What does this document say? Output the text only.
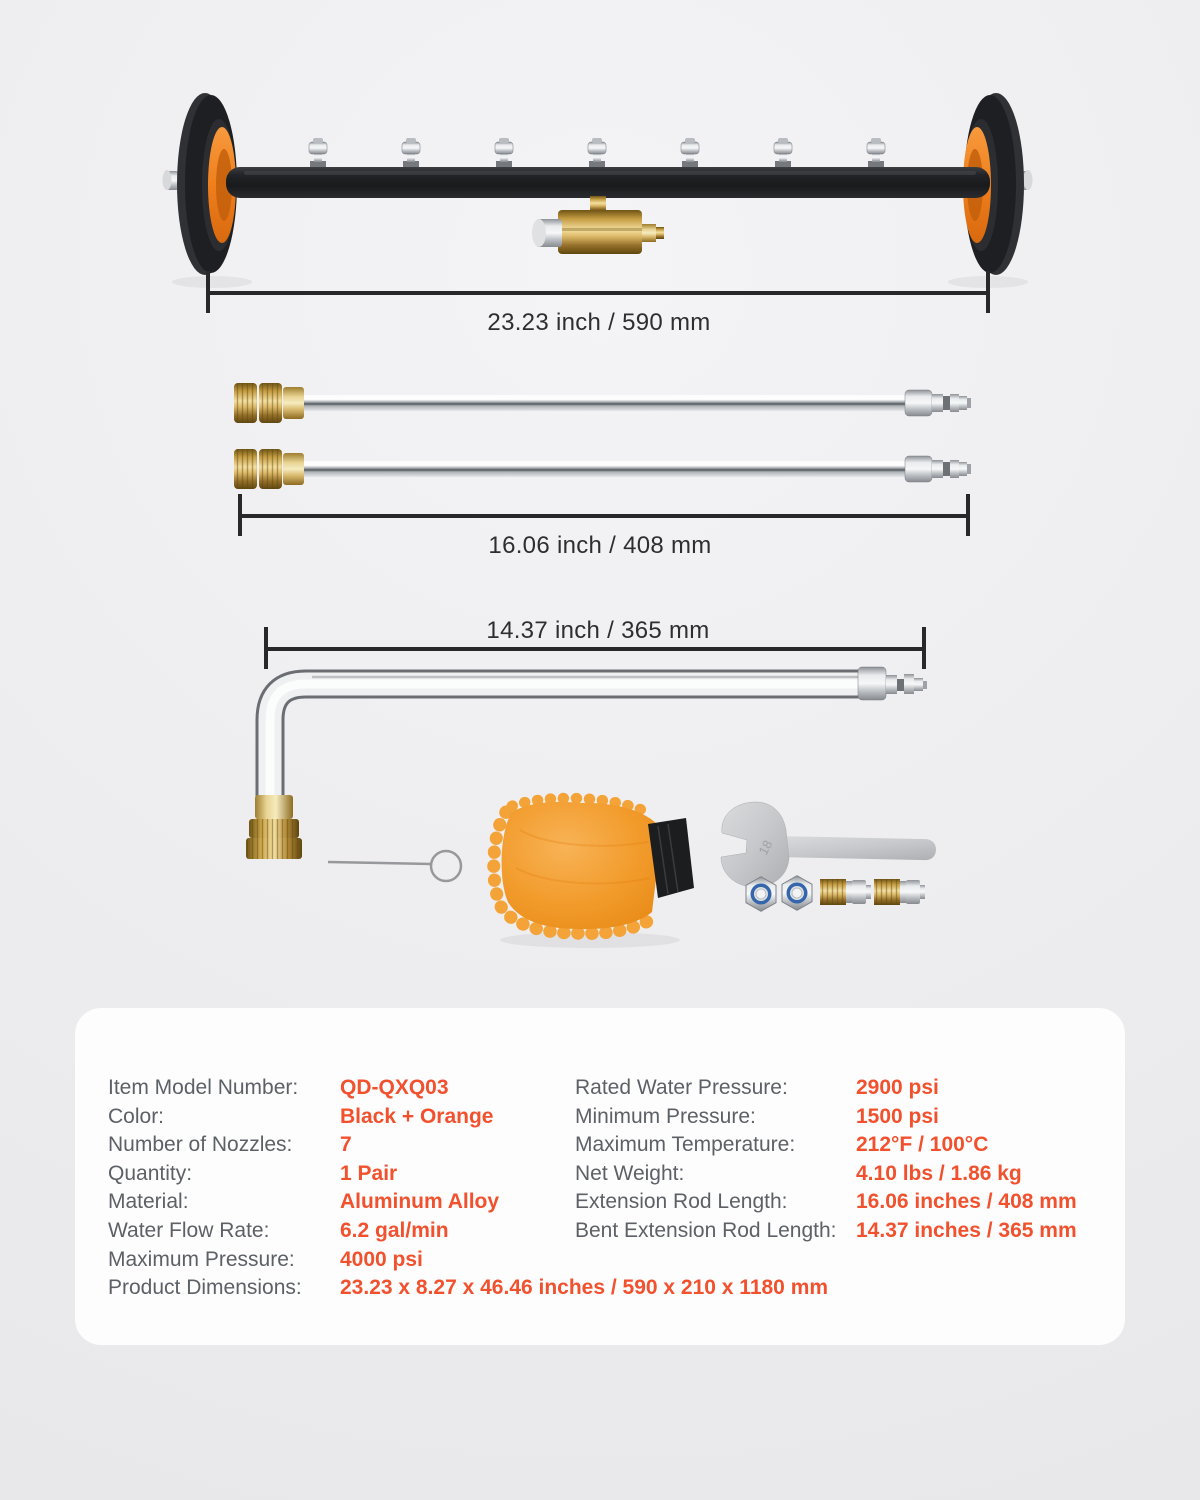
18
23.23 inch / 590 mm
16.06 inch / 408 mm
14.37 inch / 365 mm
Item Model Number:	QD-QXQ03
Color:	Black + Orange
Number of Nozzles:	7
Quantity:	1 Pair
Material:	Aluminum Alloy
Water Flow Rate:	6.2 gal/min
Maximum Pressure:	4000 psi
Rated Water Pressure:	2900 psi
Minimum Pressure:	1500 psi
Maximum Temperature:	212°F / 100°C
Net Weight:	4.10 lbs / 1.86 kg
Extension Rod Length:	16.06 inches / 408 mm
Bent Extension Rod Length: 14.37 inches / 365 mm
Product Dimensions:	23.23 x 8.27 x 46.46 inches / 590 x 210 x 1180 mm
